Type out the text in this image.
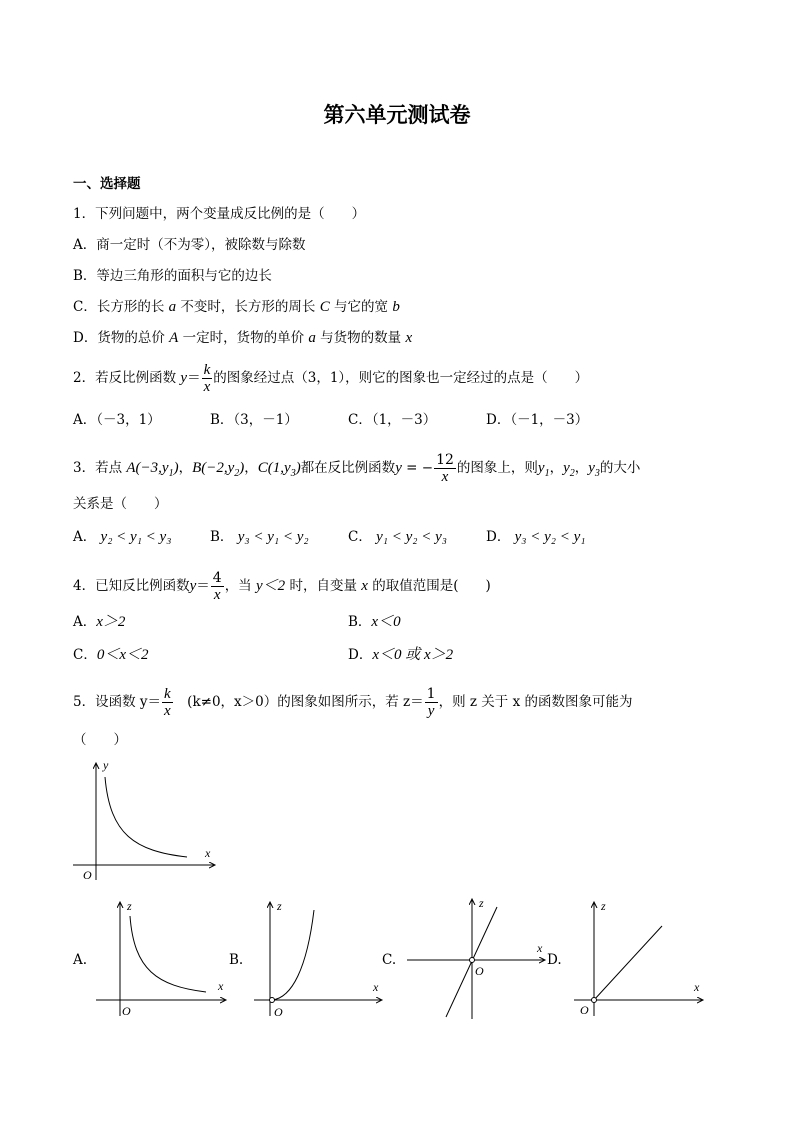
第六单元测试卷
一、选择题
1．下列问题中，两个变量成反比例的是（　　）
A．商一定时（不为零），被除数与除数
B．等边三角形的面积与它的边长
C．长方形的长 a 不变时，长方形的周长 C 与它的宽 b
D．货物的总价 A 一定时，货物的单价 a 与货物的数量 x
2．若反比例函数 $y= \frac{k}{x}$ 的图象经过点（3，1），则它的图象也一定经过的点是（　　）
A．（－3，1）	B．（3，－1）	C．（1，－3）	D．（－1，－3）
3．若点 $A(-3,y_1)$，$B(-2,y_2)$，$C(1,y_3)$都在反比例函数y = − $\frac{12}{x}$ 的图象上，则$y_1$，$y_2$，$y_3$的大小
关系是（　　）
A． y₂ < y₁ < y₃	B． y₃ < y₁ < y₂	C． y₁ < y₂ < y₃	D． y₃ < y₂ < y₁
4．已知反比例函数$y= \frac{4}{x}$ ，当 y＜2 时，自变量 x 的取值范围是(　　)
A．x＞2	B．x＜0
C．0＜x＜2	D．x＜0 或 x＞2
5．设函数 $y= \frac{k}{x}$ 　(k≠0，x＞0）的图象如图所示，若 $z= \frac{1}{y}$ ，则 z 关于 x 的函数图象可能为
（　　）
y
x
O
A.	B.	C.	D.
z
x
O
z
x
O
z
x
O
z
x
O
